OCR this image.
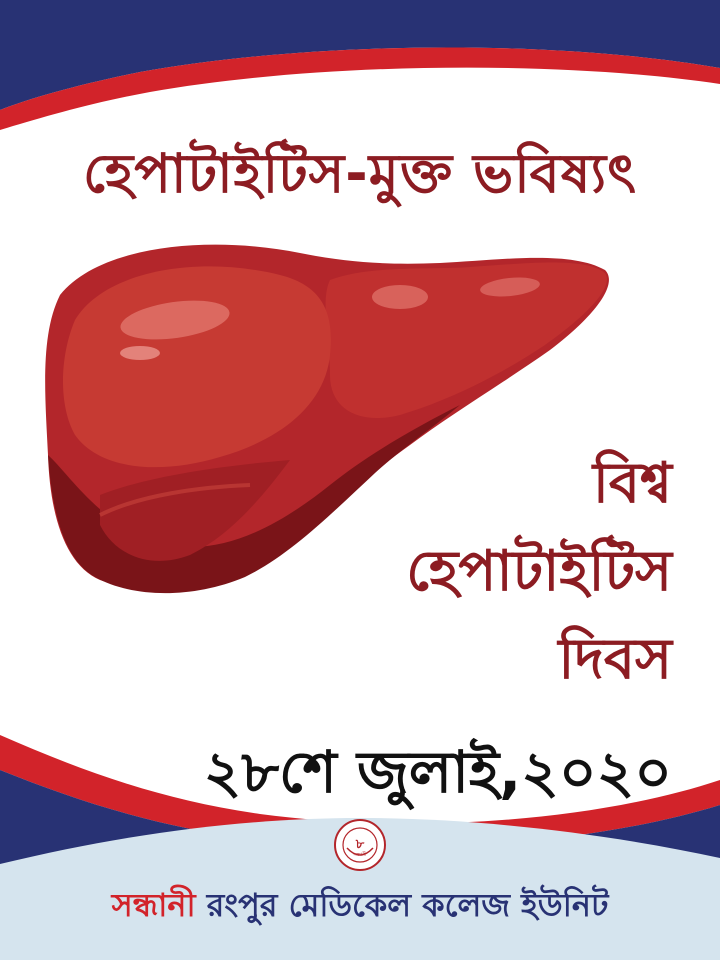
হেপাটাইটিস-মুক্ত ভবিষ্যৎ
বিশ্ব
হেপাটাইটিস
দিবস
২৮শে জুলাই,২০২০
৮
সন্ধানী
সন্ধানী রংপুর মেডিকেল কলেজ ইউনিট
